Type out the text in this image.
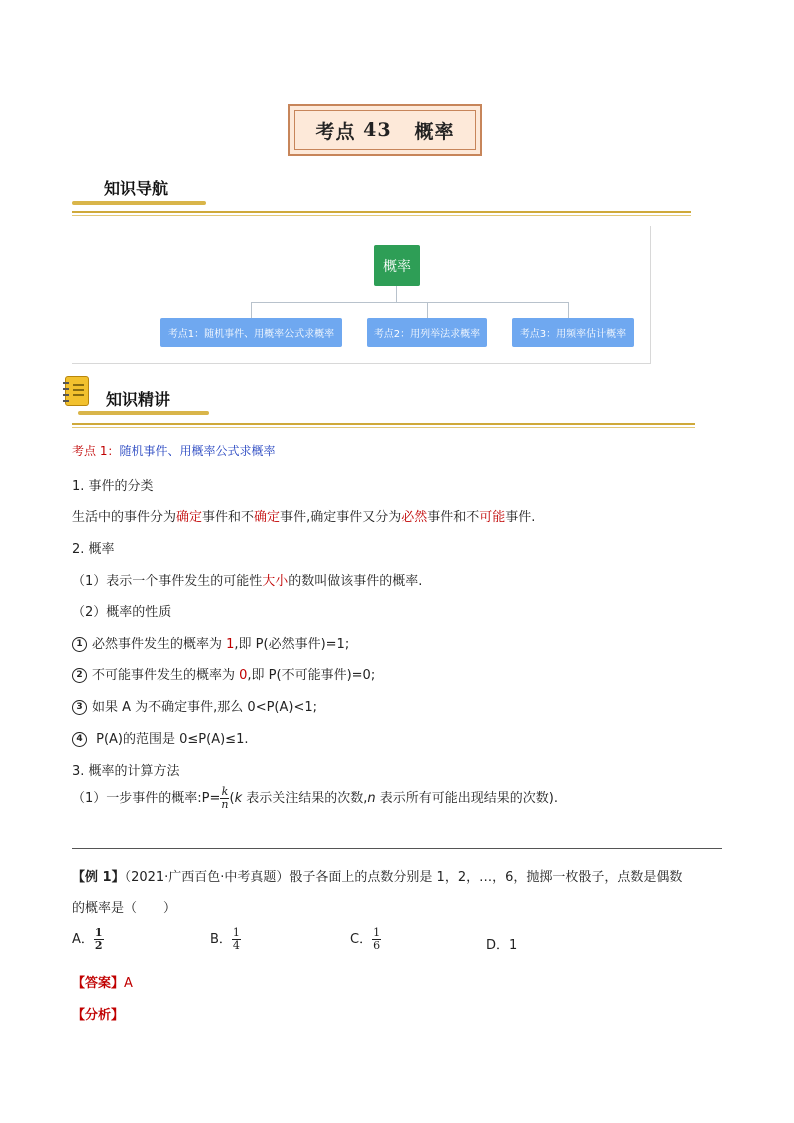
考点
43
概率
知识导航
概率
考点1：随机事件、用概率公式求概率	考点2：用列举法求概率	考点3：用频率估计概率
知识精讲
考点 1：随机事件、用概率公式求概率
1. 事件的分类
生活中的事件分为确定事件和不确定事件,确定事件又分为必然事件和不可能事件.
2. 概率
（1）表示一个事件发生的可能性大小的数叫做该事件的概率.
（2）概率的性质
1 必然事件发生的概率为 1,即 P(必然事件)=1;
2 不可能事件发生的概率为 0,即 P(不可能事件)=0;
3 如果 A 为不确定事件,那么 0<P(A)<1;
4 P(A)的范围是 0≤P(A)≤1.
3. 概率的计算方法
（1）一步事件的概率:P= $\frac{k}{n} (k$ 表示关注结果的次数,n 表示所有可能出现结果的次数).
【例 1】（2021·广西百色·中考真题）骰子各面上的点数分别是 1，2，…，6，抛掷一枚骰子，点数是偶数
的概率是（　　）
A． $\frac{1}{2}$	B． $\frac{1}{4}$	C． $\frac{1}{6}$	D．1
【答案】A
【分析】
